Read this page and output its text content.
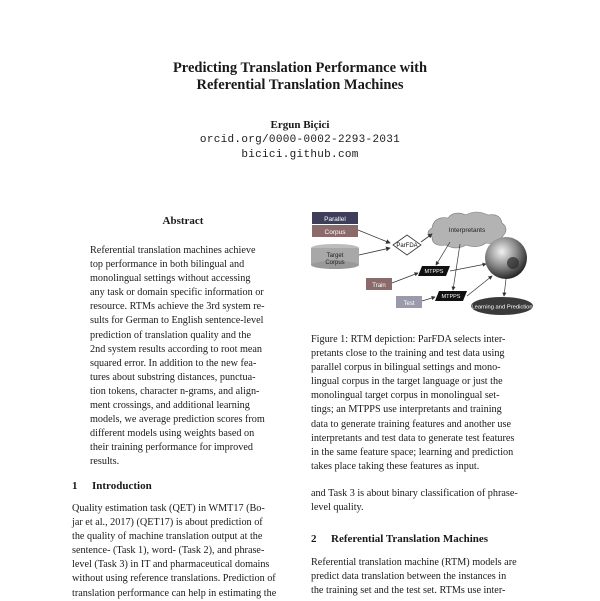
Predicting Translation Performance with
Referential Translation Machines
Ergun Biçici
orcid.org/0000-0002-2293-2031
bicici.github.com
Abstract
Referential translation machines achieve
top performance in both bilingual and
monolingual settings without accessing
any task or domain specific information or
resource. RTMs achieve the 3rd system re-
sults for German to English sentence-level
prediction of translation quality and the
2nd system results according to root mean
squared error. In addition to the new fea-
tures about substring distances, punctua-
tion tokens, character n-grams, and align-
ment crossings, and additional learning
models, we average prediction scores from
different models using weights based on
their training performance for improved
results.
1 Introduction
Quality estimation task (QET) in WMT17 (Bo-
jar et al., 2017) (QET17) is about prediction of
the quality of machine translation output at the
sentence- (Task 1), word- (Task 2), and phrase-
level (Task 3) in IT and pharmaceutical domains
without using reference translations. Prediction of
translation performance can help in estimating the
Parallel
Corpus
Target
Corpus
ParFDA
Interpretants
MTPPS
MTPPS
Train
Test
Learning and Prediction
Figure 1: RTM depiction: ParFDA selects inter-
pretants close to the training and test data using
parallel corpus in bilingual settings and mono-
lingual corpus in the target language or just the
monolingual target corpus in monolingual set-
tings; an MTPPS use interpretants and training
data to generate training features and another use
interpretants and test data to generate test features
in the same feature space; learning and prediction
takes place taking these features as input.
and Task 3 is about binary classification of phrase-
level quality.
2 Referential Translation Machines
Referential translation machine (RTM) models are
predict data translation between the instances in
the training set and the test set. RTMs use inter-
